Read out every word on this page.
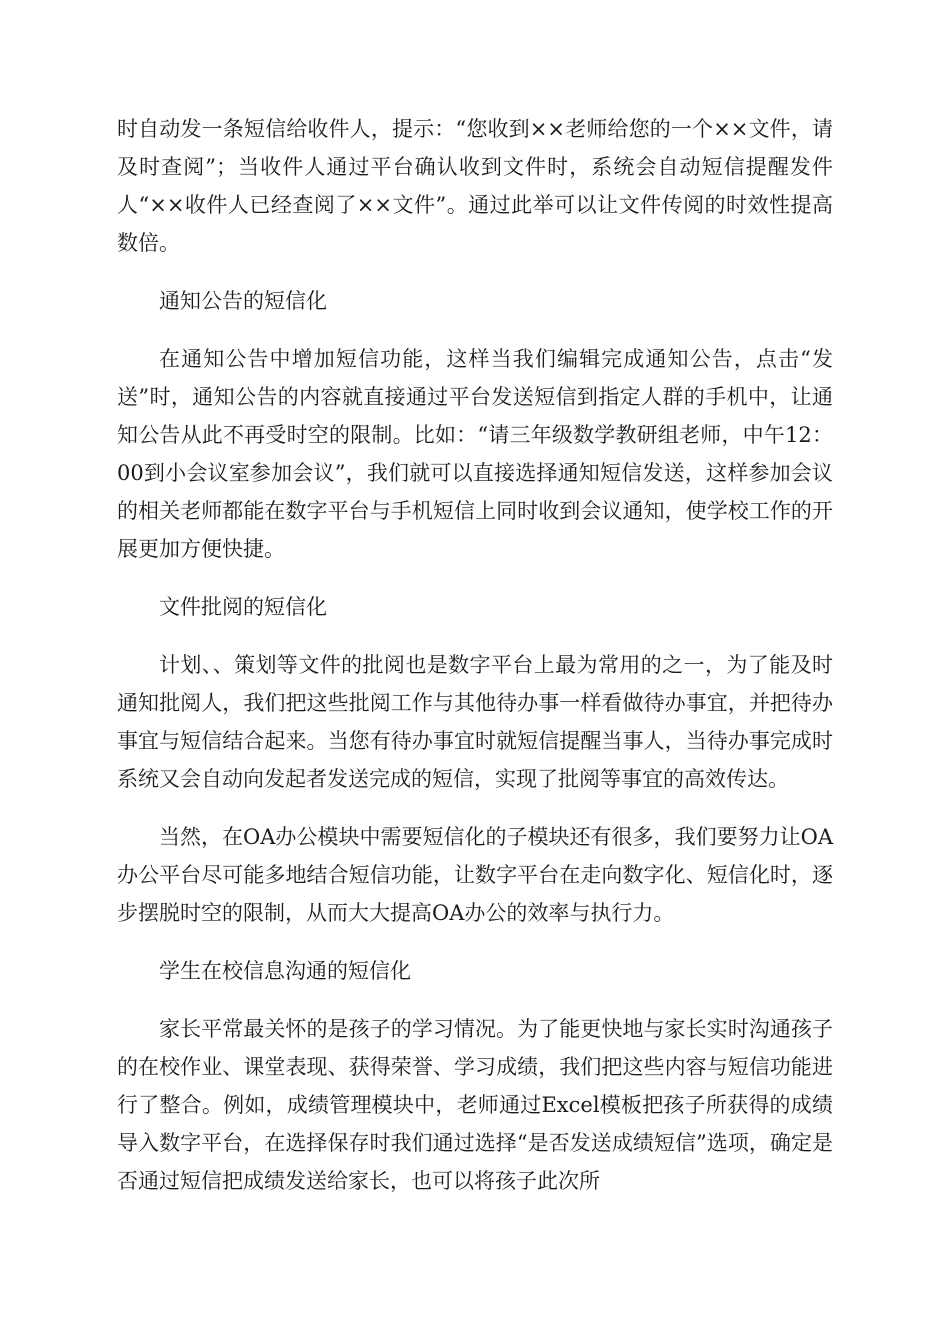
时自动发一条短信给收件人，提示：“您收到××老师给您的一个××文件，请及时查阅”；当收件人通过平台确认收到文件时，系统会自动短信提醒发件人“××收件人已经查阅了××文件”。通过此举可以让文件传阅的时效性提高数倍。

通知公告的短信化

在通知公告中增加短信功能，这样当我们编辑完成通知公告，点击“发送”时，通知公告的内容就直接通过平台发送短信到指定人群的手机中，让通知公告从此不再受时空的限制。比如：“请三年级数学教研组老师，中午12：00到小会议室参加会议”，我们就可以直接选择通知短信发送，这样参加会议的相关老师都能在数字平台与手机短信上同时收到会议通知，使学校工作的开展更加方便快捷。

文件批阅的短信化

计划、、策划等文件的批阅也是数字平台上最为常用的之一，为了能及时通知批阅人，我们把这些批阅工作与其他待办事一样看做待办事宜，并把待办事宜与短信结合起来。当您有待办事宜时就短信提醒当事人，当待办事完成时系统又会自动向发起者发送完成的短信，实现了批阅等事宜的高效传达。

当然，在OA办公模块中需要短信化的子模块还有很多，我们要努力让OA办公平台尽可能多地结合短信功能，让数字平台在走向数字化、短信化时，逐步摆脱时空的限制，从而大大提高OA办公的效率与执行力。

学生在校信息沟通的短信化

家长平常最关怀的是孩子的学习情况。为了能更快地与家长实时沟通孩子的在校作业、课堂表现、获得荣誉、学习成绩，我们把这些内容与短信功能进行了整合。例如，成绩管理模块中，老师通过Excel模板把孩子所获得的成绩导入数字平台，在选择保存时我们通过选择“是否发送成绩短信”选项，确定是否通过短信把成绩发送给家长，也可以将孩子此次所
